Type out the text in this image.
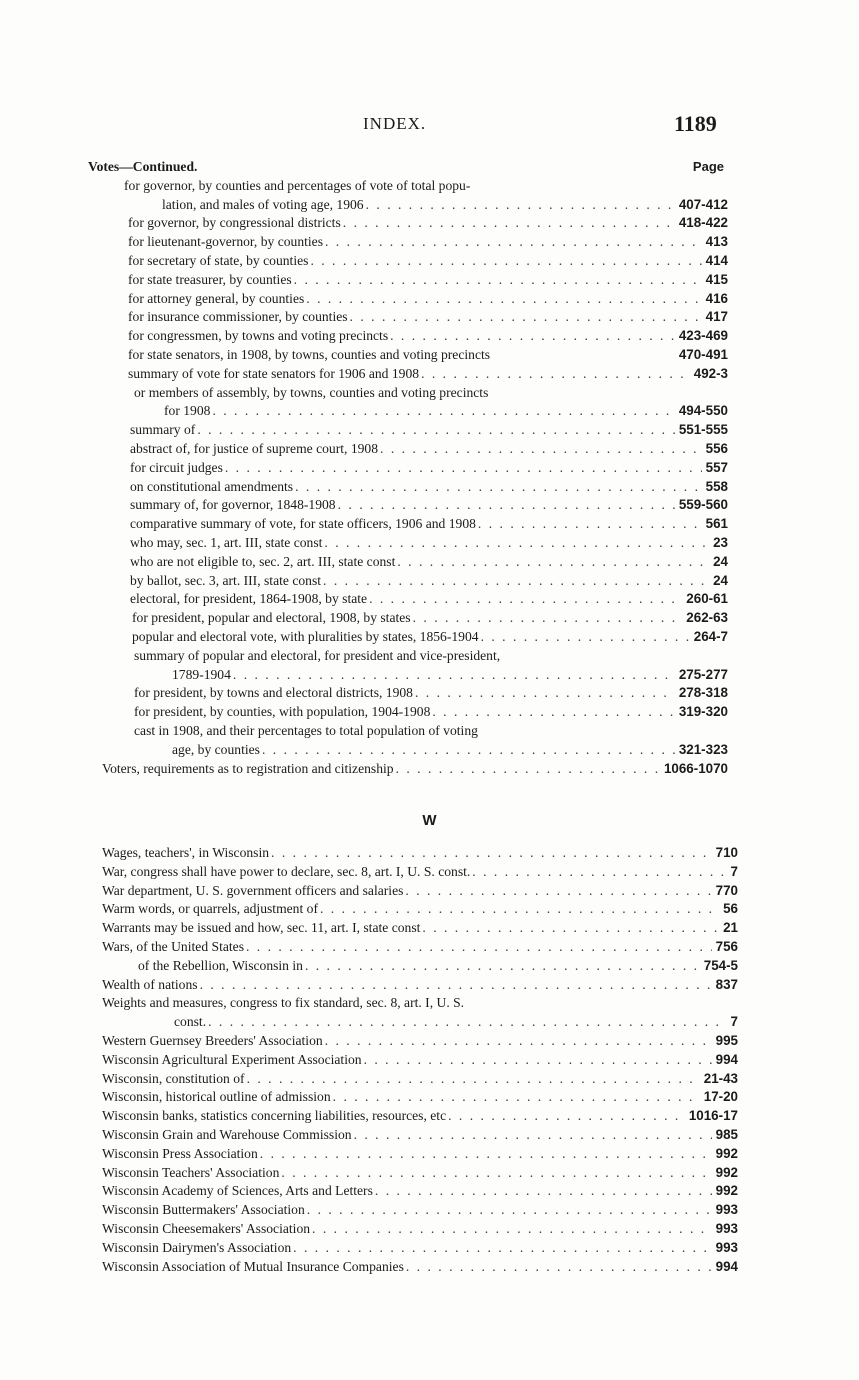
INDEX.	1189
Votes—Continued.	Page
for governor, by counties and percentages of vote of total popu-
lation, and males of voting age, 1906 . . .	407-412
for governor, by congressional districts . . .	418-422
for lieutenant-governor, by counties . . .	413
for secretary of state, by counties . . .	414
for state treasurer, by counties . . .	415
for attorney general, by counties . . .	416
for insurance commissioner, by counties . . .	417
for congressmen, by towns and voting precincts . . .	423-469
for state senators, in 1908, by towns, counties and voting precincts	470-491
summary of vote for state senators for 1906 and 1908 . . .	492-3
or members of assembly, by towns, counties and voting precincts
for 1908 . . .	494-550
summary of . . .	551-555
abstract of, for justice of supreme court, 1908 . . .	556
for circuit judges . . .	557
on constitutional amendments . . .	558
summary of, for governor, 1848-1908 . . .	559-560
comparative summary of vote, for state officers, 1906 and 1908 . . .	561
who may, sec. 1, art. III, state const . . .	23
who are not eligible to, sec. 2, art. III, state const . . .	24
by ballot, sec. 3, art. III, state const . . .	24
electoral, for president, 1864-1908, by state . . .	260-61
for president, popular and electoral, 1908, by states . . .	262-63
popular and electoral vote, with pluralities by states, 1856-1904 . . .	264-7
summary of popular and electoral, for president and vice-president,
1789-1904 . . .	275-277
for president, by towns and electoral districts, 1908 . . .	278-318
for president, by counties, with population, 1904-1908 . . .	319-320
cast in 1908, and their percentages to total population of voting
age, by counties . . .	321-323
Voters, requirements as to registration and citizenship . . .	1066-1070
W
Wages, teachers', in Wisconsin . . .	710
War, congress shall have power to declare, sec. 8, art. I, U. S. const. . . .	7
War department, U. S. government officers and salaries . . .	770
Warm words, or quarrels, adjustment of . . .	56
Warrants may be issued and how, sec. 11, art. I, state const . . .	21
Wars, of the United States . . .	756
of the Rebellion, Wisconsin in . . .	754-5
Wealth of nations . . .	837
Weights and measures, congress to fix standard, sec. 8, art. I, U. S.
const. . . .	7
Western Guernsey Breeders' Association . . .	995
Wisconsin Agricultural Experiment Association . . .	994
Wisconsin, constitution of . . .	21-43
Wisconsin, historical outline of admission . . .	17-20
Wisconsin banks, statistics concerning liabilities, resources, etc . . .	1016-17
Wisconsin Grain and Warehouse Commission . . .	985
Wisconsin Press Association . . .	992
Wisconsin Teachers' Association . . .	992
Wisconsin Academy of Sciences, Arts and Letters . . .	992
Wisconsin Buttermakers' Association . . .	993
Wisconsin Cheesemakers' Association . . .	993
Wisconsin Dairymen's Association . . .	993
Wisconsin Association of Mutual Insurance Companies . . .	994
